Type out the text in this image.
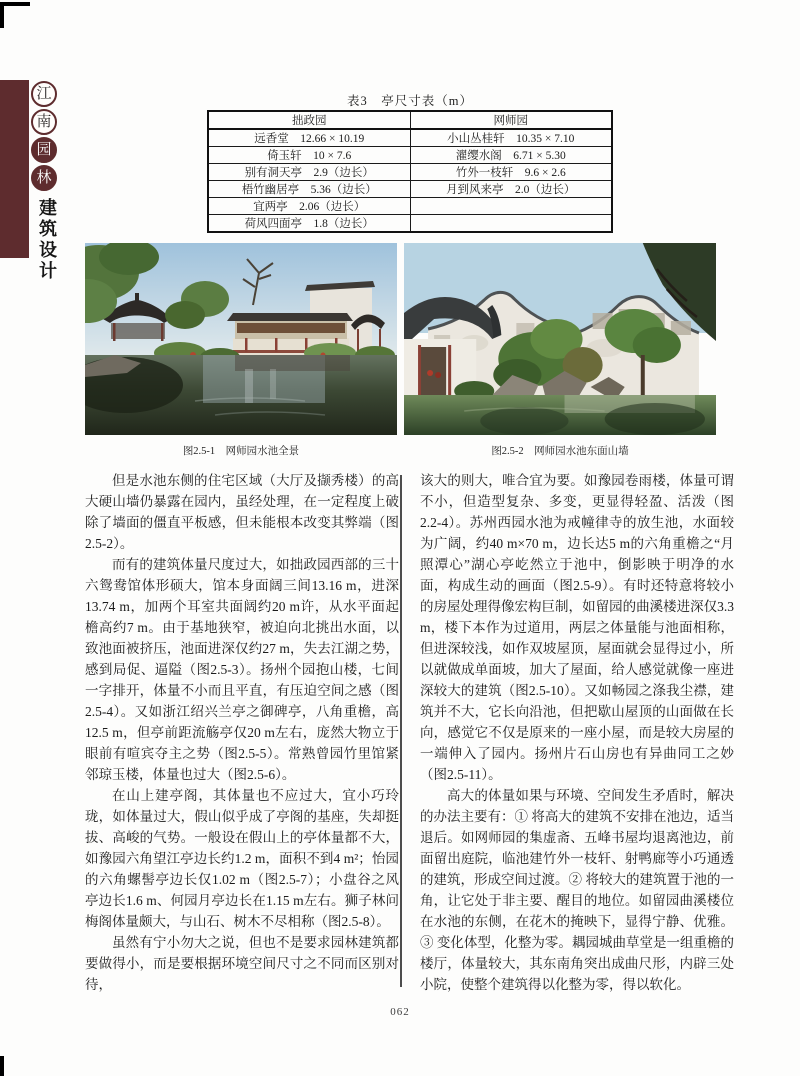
江
南
园
林
建筑设计
表3　亭尺寸表（m）
拙政园	网师园
远香堂　12.66 × 10.19	小山丛桂轩　10.35 × 7.10
倚玉轩　10 × 7.6	濯缨水阁　6.71 × 5.30
别有洞天亭　2.9（边长）	竹外一枝轩　9.6 × 2.6
梧竹幽居亭　5.36（边长）	月到风来亭　2.0（边长）
宜两亭　2.06（边长）	
荷风四面亭　1.8（边长）	
图2.5-1　网师园水池全景	图2.5-2　网师园水池东面山墙

但是水池东侧的住宅区域（大厅及撷秀楼）的高大硬山墙仍暴露在园内，虽经处理，在一定程度上破除了墙面的僵直平板感，但未能根本改变其弊端（图2.5-2）。

而有的建筑体量尺度过大，如拙政园西部的三十六鸳鸯馆体形硕大，馆本身面阔三间13.16 m，进深13.74 m，加两个耳室共面阔约20 m许，从水平面起檐高约7 m。由于基地狭窄，被迫向北挑出水面，以致池面被挤压，池面进深仅约27 m，失去江湖之势，感到局促、逼隘（图2.5-3）。扬州个园抱山楼，七间一字排开，体量不小而且平直，有压迫空间之感（图2.5-4）。又如浙江绍兴兰亭之御碑亭，八角重檐，高12.5 m，但亭前距流觞亭仅20 m左右，庞然大物立于眼前有喧宾夺主之势（图2.5-5）。常熟曾园竹里馆紧邻琼玉楼，体量也过大（图2.5-6）。

在山上建亭阁，其体量也不应过大，宜小巧玲珑，如体量过大，假山似乎成了亭阁的基座，失却挺拔、高峻的气势。一般设在假山上的亭体量都不大，如豫园六角望江亭边长约1.2 m，面积不到4 m²；怡园的六角螺髻亭边长仅1.02 m（图2.5-7）；小盘谷之风亭边长1.6 m、何园月亭边长在1.15 m左右。狮子林问梅阁体量颇大，与山石、树木不尽相称（图2.5-8）。

虽然有宁小勿大之说，但也不是要求园林建筑都要做得小，而是要根据环境空间尺寸之不同而区别对待，

该大的则大，唯合宜为要。如豫园卷雨楼，体量可谓不小，但造型复杂、多变，更显得轻盈、活泼（图2.2-4）。苏州西园水池为戒幢律寺的放生池，水面较为广阔，约40 m×70 m，边长达5 m的六角重檐之“月照潭心”湖心亭屹然立于池中，倒影映于明净的水面，构成生动的画面（图2.5-9）。有时还特意将较小的房屋处理得像宏构巨制，如留园的曲溪楼进深仅3.3 m，楼下本作为过道用，两层之体量能与池面相称，但进深较浅，如作双坡屋顶，屋面就会显得过小，所以就做成单面坡，加大了屋面，给人感觉就像一座进深较大的建筑（图2.5-10）。又如畅园之涤我尘襟，建筑并不大，它长向沿池，但把歇山屋顶的山面做在长向，感觉它不仅是原来的一座小屋，而是较大房屋的一端伸入了园内。扬州片石山房也有异曲同工之妙（图2.5-11）。

高大的体量如果与环境、空间发生矛盾时，解决的办法主要有：① 将高大的建筑不安排在池边，适当退后。如网师园的集虚斋、五峰书屋均退离池边，前面留出庭院，临池建竹外一枝轩、射鸭廊等小巧通透的建筑，形成空间过渡。② 将较大的建筑置于池的一角，让它处于非主要、醒目的地位。如留园曲溪楼位在水池的东侧，在花木的掩映下，显得宁静、优雅。③ 变化体型，化整为零。耦园城曲草堂是一组重檐的楼厅，体量较大，其东南角突出成曲尺形，内辟三处小院，使整个建筑得以化整为零，得以软化。

062
